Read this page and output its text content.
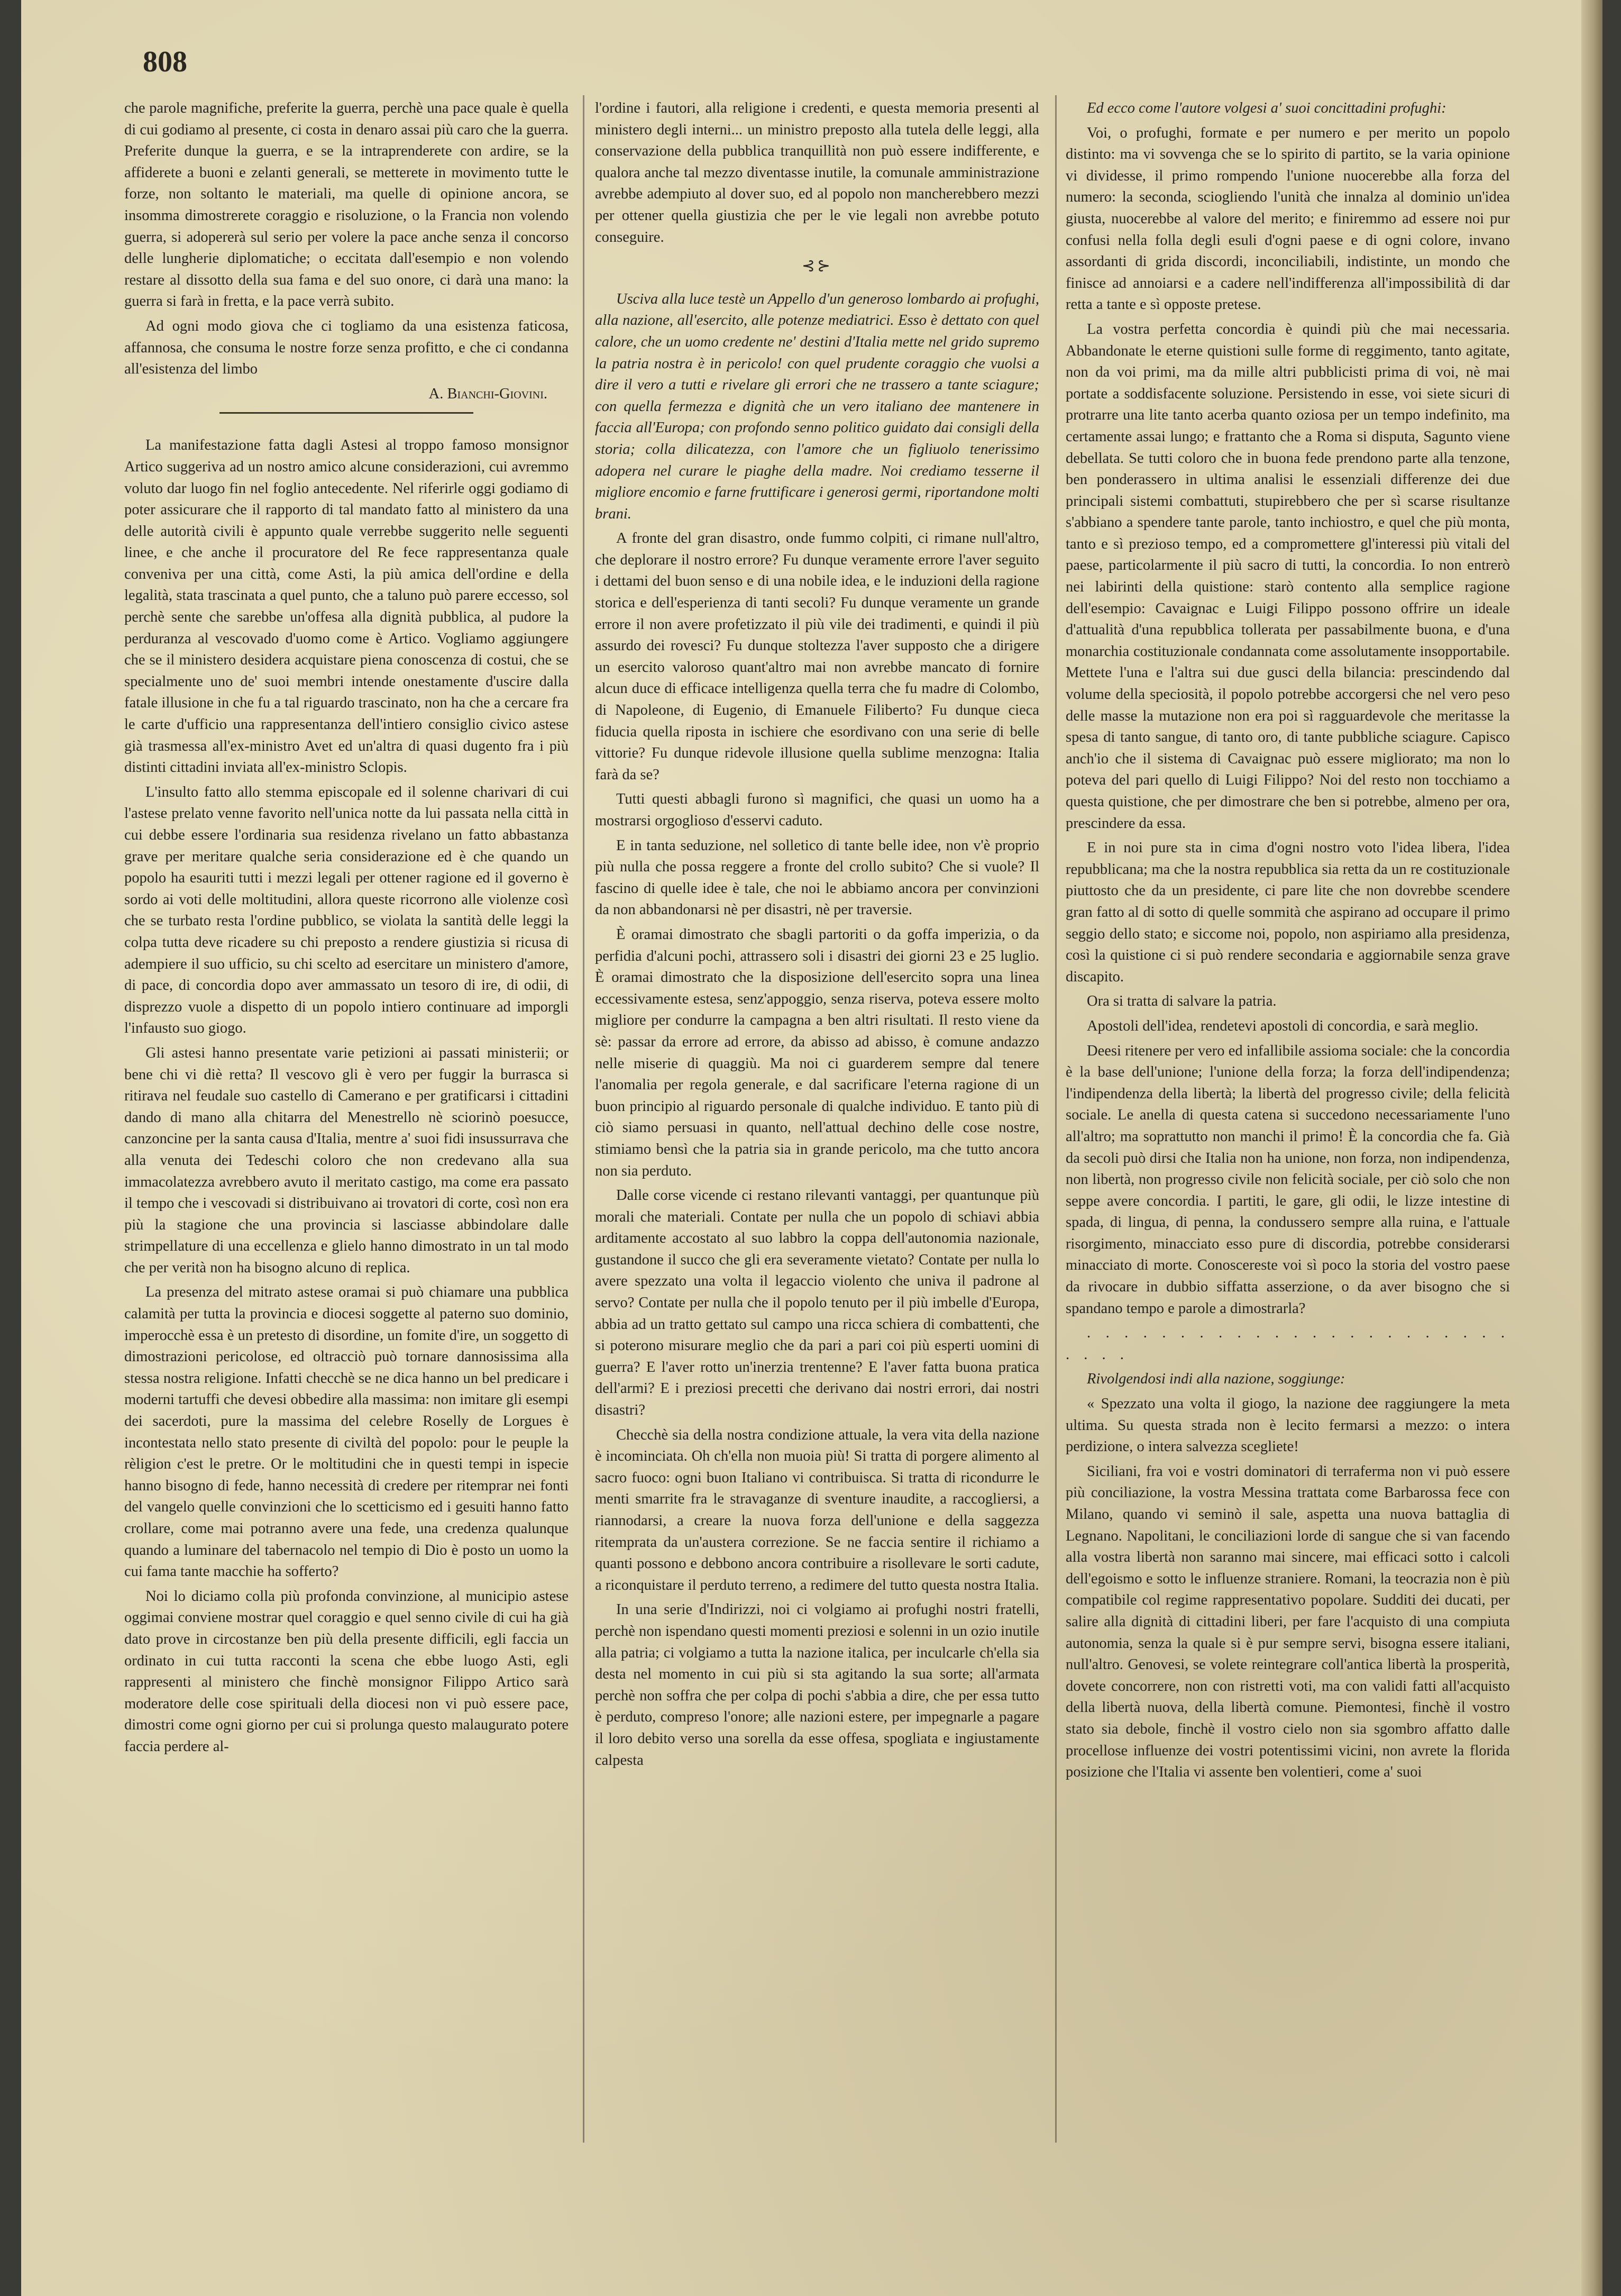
808

che parole magnifiche, preferite la guerra, perchè una pace quale è quella di cui godiamo al presente, ci costa in denaro assai più caro che la guerra. Preferite dunque la guerra, e se la intraprenderete con ardire, se la affiderete a buoni e zelanti generali, se metterete in movimento tutte le forze, non soltanto le materiali, ma quelle di opinione ancora, se insomma dimostrerete coraggio e risoluzione, o la Francia non volendo guerra, si adopererà sul serio per volere la pace anche senza il concorso delle lungherie diplomatiche; o eccitata dall'esempio e non volendo restare al dissotto della sua fama e del suo onore, ci darà una mano: la guerra si farà in fretta, e la pace verrà subito.

Ad ogni modo giova che ci togliamo da una esistenza faticosa, affannosa, che consuma le nostre forze senza profitto, e che ci condanna all'esistenza del limbo

A. Bianchi-Giovini.

La manifestazione fatta dagli Astesi al troppo famoso monsignor Artico suggeriva ad un nostro amico alcune considerazioni, cui avremmo voluto dar luogo fin nel foglio antecedente. Nel riferirle oggi godiamo di poter assicurare che il rapporto di tal mandato fatto al ministero da una delle autorità civili è appunto quale verrebbe suggerito nelle seguenti linee, e che anche il procuratore del Re fece rappresentanza quale conveniva per una città, come Asti, la più amica dell'ordine e della legalità, stata trascinata a quel punto, che a taluno può parere eccesso, sol perchè sente che sarebbe un'offesa alla dignità pubblica, al pudore la perduranza al vescovado d'uomo come è Artico. Vogliamo aggiungere che se il ministero desidera acquistare piena conoscenza di costui, che se specialmente uno de' suoi membri intende onestamente d'uscire dalla fatale illusione in che fu a tal riguardo trascinato, non ha che a cercare fra le carte d'ufficio una rappresentanza dell'intiero consiglio civico astese già trasmessa all'ex-ministro Avet ed un'altra di quasi dugento fra i più distinti cittadini inviata all'ex-ministro Sclopis.

L'insulto fatto allo stemma episcopale ed il solenne charivari di cui l'astese prelato venne favorito nell'unica notte da lui passata nella città in cui debbe essere l'ordinaria sua residenza rivelano un fatto abbastanza grave per meritare qualche seria considerazione ed è che quando un popolo ha esauriti tutti i mezzi legali per ottener ragione ed il governo è sordo ai voti delle moltitudini, allora queste ricorrono alle violenze così che se turbato resta l'ordine pubblico, se violata la santità delle leggi la colpa tutta deve ricadere su chi preposto a rendere giustizia si ricusa di adempiere il suo ufficio, su chi scelto ad esercitare un ministero d'amore, di pace, di concordia dopo aver ammassato un tesoro di ire, di odii, di disprezzo vuole a dispetto di un popolo intiero continuare ad imporgli l'infausto suo giogo.

Gli astesi hanno presentate varie petizioni ai passati ministerii; or bene chi vi diè retta? Il vescovo gli è vero per fuggir la burrasca si ritirava nel feudale suo castello di Camerano e per gratificarsi i cittadini dando di mano alla chitarra del Menestrello nè sciorinò poesucce, canzoncine per la santa causa d'Italia, mentre a' suoi fidi insussurrava che alla venuta dei Tedeschi coloro che non credevano alla sua immacolatezza avrebbero avuto il meritato castigo, ma come era passato il tempo che i vescovadi si distribuivano ai trovatori di corte, così non era più la stagione che una provincia si lasciasse abbindolare dalle strimpellature di una eccellenza e glielo hanno dimostrato in un tal modo che per verità non ha bisogno alcuno di replica.

La presenza del mitrato astese oramai si può chiamare una pubblica calamità per tutta la provincia e diocesi soggette al paterno suo dominio, imperocchè essa è un pretesto di disordine, un fomite d'ire, un soggetto di dimostrazioni pericolose, ed oltracciò può tornare dannosissima alla stessa nostra religione. Infatti checchè se ne dica hanno un bel predicare i moderni tartuffi che devesi obbedire alla massima: non imitare gli esempi dei sacerdoti, pure la massima del celebre Roselly de Lorgues è incontestata nello stato presente di civiltà del popolo: pour le peuple la rèligion c'est le pretre. Or le moltitudini che in questi tempi in ispecie hanno bisogno di fede, hanno necessità di credere per ritemprar nei fonti del vangelo quelle convinzioni che lo scetticismo ed i gesuiti hanno fatto crollare, come mai potranno avere una fede, una credenza qualunque quando a luminare del tabernacolo nel tempio di Dio è posto un uomo la cui fama tante macchie ha sofferto?

Noi lo diciamo colla più profonda convinzione, al municipio astese oggimai conviene mostrar quel coraggio e quel senno civile di cui ha già dato prove in circostanze ben più della presente difficili, egli faccia un ordinato in cui tutta racconti la scena che ebbe luogo Asti, egli rappresenti al ministero che finchè monsignor Filippo Artico sarà moderatore delle cose spirituali della diocesi non vi può essere pace, dimostri come ogni giorno per cui si prolunga questo malaugurato potere faccia perdere al-

l'ordine i fautori, alla religione i credenti, e questa memoria presenti al ministero degli interni... un ministro preposto alla tutela delle leggi, alla conservazione della pubblica tranquillità non può essere indifferente, e qualora anche tal mezzo diventasse inutile, la comunale amministrazione avrebbe adempiuto al dover suo, ed al popolo non mancherebbero mezzi per ottener quella giustizia che per le vie legali non avrebbe potuto conseguire.

⊰⊱

Usciva alla luce testè un Appello d'un generoso lombardo ai profughi, alla nazione, all'esercito, alle potenze mediatrici. Esso è dettato con quel calore, che un uomo credente ne' destini d'Italia mette nel grido supremo la patria nostra è in pericolo! con quel prudente coraggio che vuolsi a dire il vero a tutti e rivelare gli errori che ne trassero a tante sciagure; con quella fermezza e dignità che un vero italiano dee mantenere in faccia all'Europa; con profondo senno politico guidato dai consigli della storia; colla dilicatezza, con l'amore che un figliuolo tenerissimo adopera nel curare le piaghe della madre. Noi crediamo tesserne il migliore encomio e farne fruttificare i generosi germi, riportandone molti brani.

A fronte del gran disastro, onde fummo colpiti, ci rimane null'altro, che deplorare il nostro errore? Fu dunque veramente errore l'aver seguito i dettami del buon senso e di una nobile idea, e le induzioni della ragione storica e dell'esperienza di tanti secoli? Fu dunque veramente un grande errore il non avere profetizzato il più vile dei tradimenti, e quindi il più assurdo dei rovesci? Fu dunque stoltezza l'aver supposto che a dirigere un esercito valoroso quant'altro mai non avrebbe mancato di fornire alcun duce di efficace intelligenza quella terra che fu madre di Colombo, di Napoleone, di Eugenio, di Emanuele Filiberto? Fu dunque cieca fiducia quella riposta in ischiere che esordivano con una serie di belle vittorie? Fu dunque ridevole illusione quella sublime menzogna: Italia farà da se?

Tutti questi abbagli furono sì magnifici, che quasi un uomo ha a mostrarsi orgoglioso d'esservi caduto.

E in tanta seduzione, nel solletico di tante belle idee, non v'è proprio più nulla che possa reggere a fronte del crollo subito? Che si vuole? Il fascino di quelle idee è tale, che noi le abbiamo ancora per convinzioni da non abbandonarsi nè per disastri, nè per traversie.

È oramai dimostrato che sbagli partoriti o da goffa imperizia, o da perfidia d'alcuni pochi, attrassero soli i disastri dei giorni 23 e 25 luglio. È oramai dimostrato che la disposizione dell'esercito sopra una linea eccessivamente estesa, senz'appoggio, senza riserva, poteva essere molto migliore per condurre la campagna a ben altri risultati. Il resto viene da sè: passar da errore ad errore, da abisso ad abisso, è comune andazzo nelle miserie di quaggiù. Ma noi ci guarderem sempre dal tenere l'anomalia per regola generale, e dal sacrificare l'eterna ragione di un buon principio al riguardo personale di qualche individuo. E tanto più di ciò siamo persuasi in quanto, nell'attual dechino delle cose nostre, stimiamo bensì che la patria sia in grande pericolo, ma che tutto ancora non sia perduto.

Dalle corse vicende ci restano rilevanti vantaggi, per quantunque più morali che materiali. Contate per nulla che un popolo di schiavi abbia arditamente accostato al suo labbro la coppa dell'autonomia nazionale, gustandone il succo che gli era severamente vietato? Contate per nulla lo avere spezzato una volta il legaccio violento che univa il padrone al servo? Contate per nulla che il popolo tenuto per il più imbelle d'Europa, abbia ad un tratto gettato sul campo una ricca schiera di combattenti, che si poterono misurare meglio che da pari a pari coi più esperti uomini di guerra? E l'aver rotto un'inerzia trentenne? E l'aver fatta buona pratica dell'armi? E i preziosi precetti che derivano dai nostri errori, dai nostri disastri?

Checchè sia della nostra condizione attuale, la vera vita della nazione è incominciata. Oh ch'ella non muoia più! Si tratta di porgere alimento al sacro fuoco: ogni buon Italiano vi contribuisca. Si tratta di ricondurre le menti smarrite fra le stravaganze di sventure inaudite, a raccogliersi, a riannodarsi, a creare la nuova forza dell'unione e della saggezza ritemprata da un'austera correzione. Se ne faccia sentire il richiamo a quanti possono e debbono ancora contribuire a risollevare le sorti cadute, a riconquistare il perduto terreno, a redimere del tutto questa nostra Italia.

In una serie d'Indirizzi, noi ci volgiamo ai profughi nostri fratelli, perchè non ispendano questi momenti preziosi e solenni in un ozio inutile alla patria; ci volgiamo a tutta la nazione italica, per inculcarle ch'ella sia desta nel momento in cui più si sta agitando la sua sorte; all'armata perchè non soffra che per colpa di pochi s'abbia a dire, che per essa tutto è perduto, compreso l'onore; alle nazioni estere, per impegnarle a pagare il loro debito verso una sorella da esse offesa, spogliata e ingiustamente calpesta

Ed ecco come l'autore volgesi a' suoi concittadini profughi:

Voi, o profughi, formate e per numero e per merito un popolo distinto: ma vi sovvenga che se lo spirito di partito, se la varia opinione vi dividesse, il primo rompendo l'unione nuocerebbe alla forza del numero: la seconda, sciogliendo l'unità che innalza al dominio un'idea giusta, nuocerebbe al valore del merito; e finiremmo ad essere noi pur confusi nella folla degli esuli d'ogni paese e di ogni colore, invano assordanti di grida discordi, inconciliabili, indistinte, un mondo che finisce ad annoiarsi e a cadere nell'indifferenza all'impossibilità di dar retta a tante e sì opposte pretese.

La vostra perfetta concordia è quindi più che mai necessaria. Abbandonate le eterne quistioni sulle forme di reggimento, tanto agitate, non da voi primi, ma da mille altri pubblicisti prima di voi, nè mai portate a soddisfacente soluzione. Persistendo in esse, voi siete sicuri di protrarre una lite tanto acerba quanto oziosa per un tempo indefinito, ma certamente assai lungo; e frattanto che a Roma si disputa, Sagunto viene debellata. Se tutti coloro che in buona fede prendono parte alla tenzone, ben ponderassero in ultima analisi le essenziali differenze dei due principali sistemi combattuti, stupirebbero che per sì scarse risultanze s'abbiano a spendere tante parole, tanto inchiostro, e quel che più monta, tanto e sì prezioso tempo, ed a compromettere gl'interessi più vitali del paese, particolarmente il più sacro di tutti, la concordia. Io non entrerò nei labirinti della quistione: starò contento alla semplice ragione dell'esempio: Cavaignac e Luigi Filippo possono offrire un ideale d'attualità d'una repubblica tollerata per passabilmente buona, e d'una monarchia costituzionale condannata come assolutamente insopportabile. Mettete l'una e l'altra sui due gusci della bilancia: prescindendo dal volume della speciosità, il popolo potrebbe accorgersi che nel vero peso delle masse la mutazione non era poi sì ragguardevole che meritasse la spesa di tanto sangue, di tanto oro, di tante pubbliche sciagure. Capisco anch'io che il sistema di Cavaignac può essere migliorato; ma non lo poteva del pari quello di Luigi Filippo? Noi del resto non tocchiamo a questa quistione, che per dimostrare che ben si potrebbe, almeno per ora, prescindere da essa.

E in noi pure sta in cima d'ogni nostro voto l'idea libera, l'idea repubblicana; ma che la nostra repubblica sia retta da un re costituzionale piuttosto che da un presidente, ci pare lite che non dovrebbe scendere gran fatto al di sotto di quelle sommità che aspirano ad occupare il primo seggio dello stato; e siccome noi, popolo, non aspiriamo alla presidenza, così la quistione ci si può rendere secondaria e aggiornabile senza grave discapito.

Ora si tratta di salvare la patria.

Apostoli dell'idea, rendetevi apostoli di concordia, e sarà meglio.

Deesi ritenere per vero ed infallibile assioma sociale: che la concordia è la base dell'unione; l'unione della forza; la forza dell'indipendenza; l'indipendenza della libertà; la libertà del progresso civile; della felicità sociale. Le anella di questa catena si succedono necessariamente l'uno all'altro; ma soprattutto non manchi il primo! È la concordia che fa. Già da secoli può dirsi che Italia non ha unione, non forza, non indipendenza, non libertà, non progresso civile non felicità sociale, per ciò solo che non seppe avere concordia. I partiti, le gare, gli odii, le lizze intestine di spada, di lingua, di penna, la condussero sempre alla ruina, e l'attuale risorgimento, minacciato esso pure di discordia, potrebbe considerarsi minacciato di morte. Conoscereste voi sì poco la storia del vostro paese da rivocare in dubbio siffatta asserzione, o da aver bisogno che si spandano tempo e parole a dimostrarla?

. . . . . . . . . . . . . . . . . . . . . . . . . . .

Rivolgendosi indi alla nazione, soggiunge:

« Spezzato una volta il giogo, la nazione dee raggiungere la meta ultima. Su questa strada non è lecito fermarsi a mezzo: o intera perdizione, o intera salvezza scegliete!

Siciliani, fra voi e vostri dominatori di terraferma non vi può essere più conciliazione, la vostra Messina trattata come Barbarossa fece con Milano, quando vi seminò il sale, aspetta una nuova battaglia di Legnano. Napolitani, le conciliazioni lorde di sangue che si van facendo alla vostra libertà non saranno mai sincere, mai efficaci sotto i calcoli dell'egoismo e sotto le influenze straniere. Romani, la teocrazia non è più compatibile col regime rappresentativo popolare. Sudditi dei ducati, per salire alla dignità di cittadini liberi, per fare l'acquisto di una compiuta autonomia, senza la quale si è pur sempre servi, bisogna essere italiani, null'altro. Genovesi, se volete reintegrare coll'antica libertà la prosperità, dovete concorrere, non con ristretti voti, ma con validi fatti all'acquisto della libertà nuova, della libertà comune. Piemontesi, finchè il vostro stato sia debole, finchè il vostro cielo non sia sgombro affatto dalle procellose influenze dei vostri potentissimi vicini, non avrete la florida posizione che l'Italia vi assente ben volentieri, come a' suoi
